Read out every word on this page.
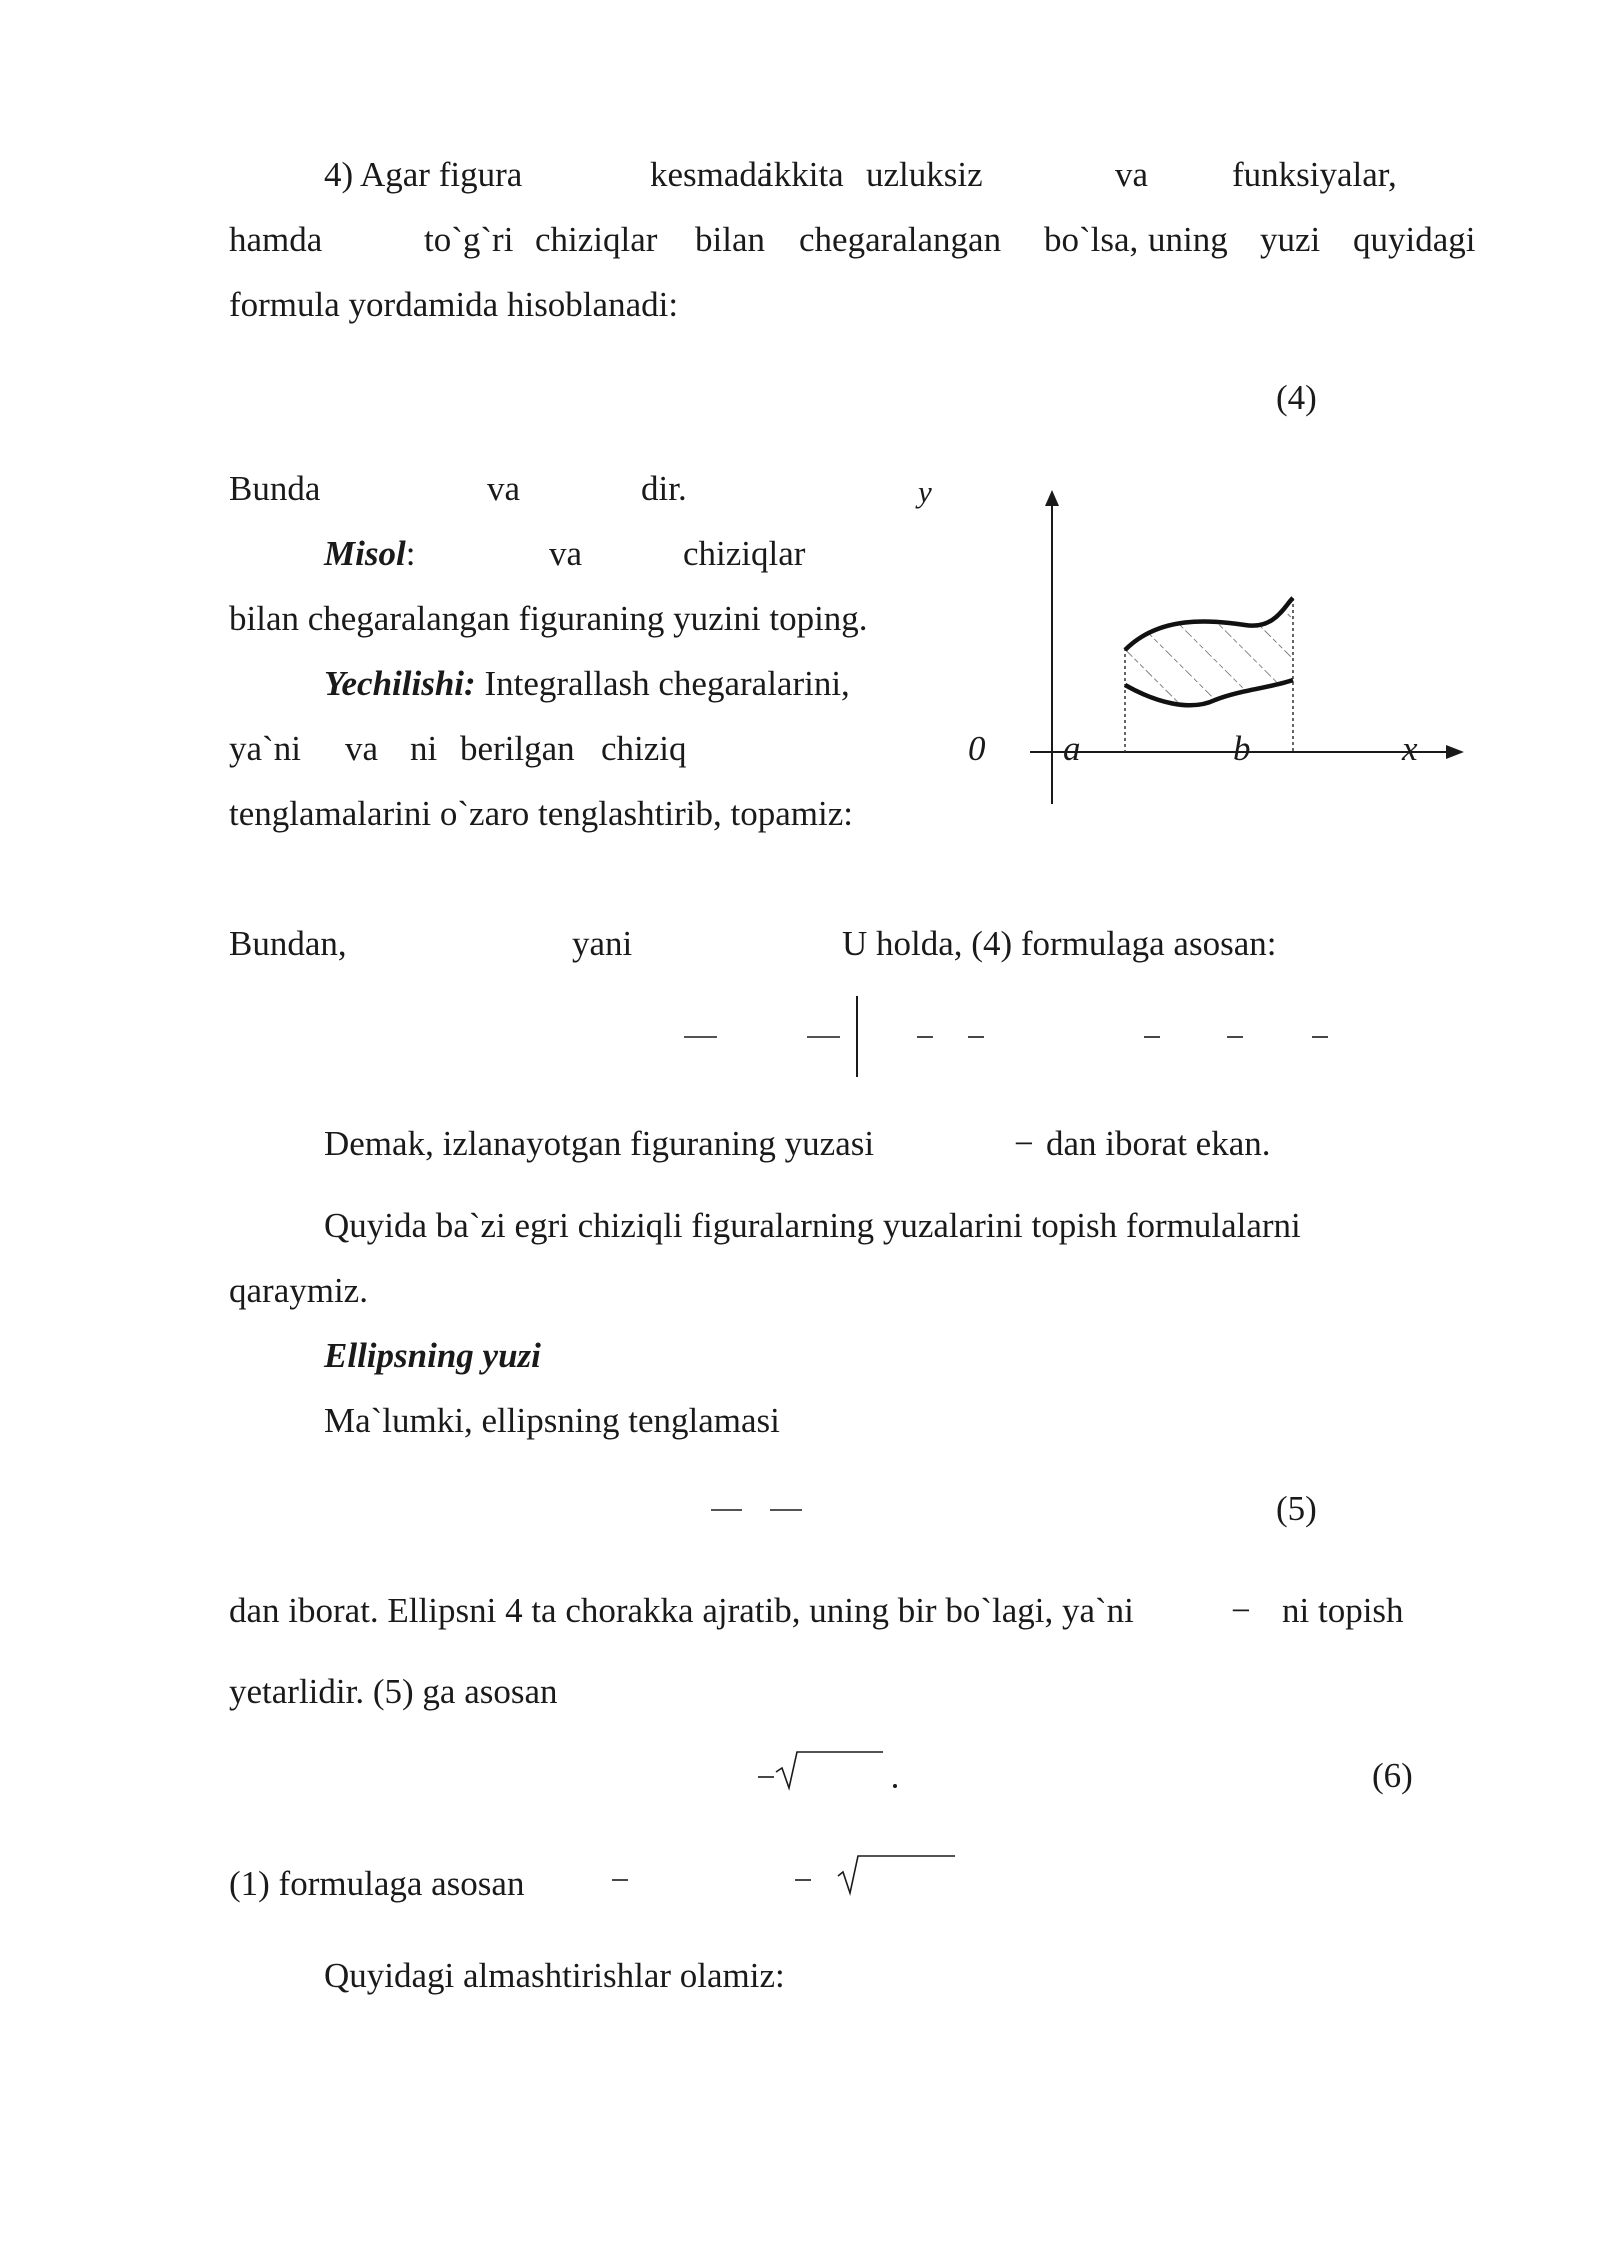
4) Agar figura	kesmada
ikkita uzluksiz	va funksiyalar,
hamda	to`g`ri chiziqlar bilan chegaralangan bo`lsa, uning yuzi quyidagi
formula yordamida hisoblanadi:
(4)
Bunda	va	dir.
Misol:	va	chiziqlar
bilan chegaralangan figuraning yuzini toping.
Yechilishi: Integrallash chegaralarini,
ya`ni va ni berilgan chiziq
tenglamalarini o`zaro tenglashtirib, topamiz:
y
0 a	b	x
Bundan,	yani	U holda, (4) formulaga asosan:
Demak, izlanayotgan figuraning yuzasi	− dan iborat ekan.
Quyida ba`zi egri chiziqli figuralarning yuzalarini topish formulalarni
qaraymiz.
Ellipsning yuzi
Ma`lumki, ellipsning tenglamasi
(5)
dan iborat. Ellipsni 4 ta chorakka ajratib, uning bir bo`lagi, ya`ni	− ni topish
yetarlidir. (5) ga asosan
(6)
(1) formulaga asosan
Quyidagi almashtirishlar olamiz:
